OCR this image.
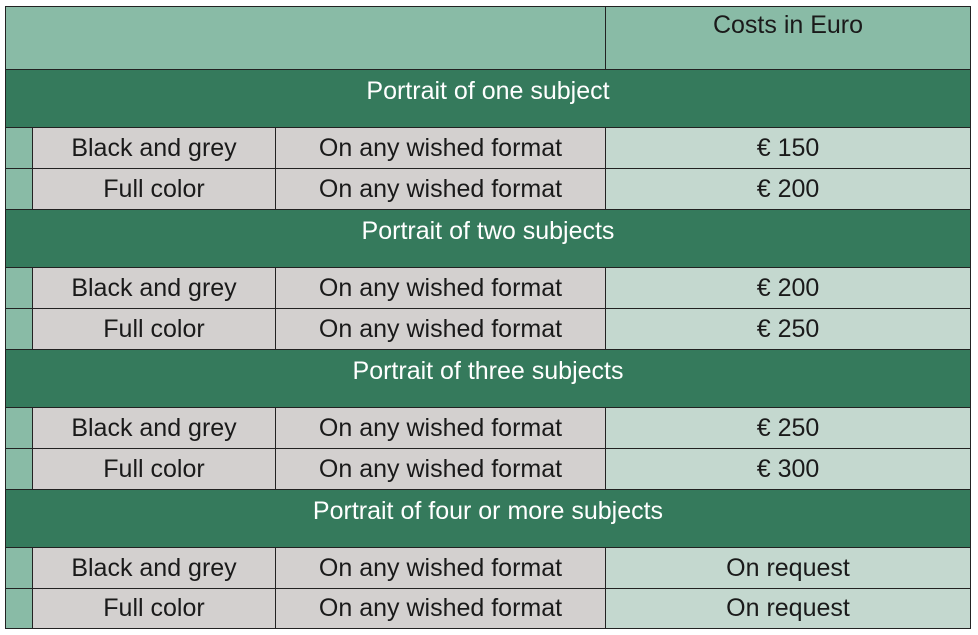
Costs in Euro
Portrait of one subject
Black and grey	On any wished format	€ 150
Full color	On any wished format	€ 200
Portrait of two subjects
Black and grey	On any wished format	€ 200
Full color	On any wished format	€ 250
Portrait of three subjects
Black and grey	On any wished format	€ 250
Full color	On any wished format	€ 300
Portrait of four or more subjects
Black and grey	On any wished format	On request
Full color	On any wished format	On request
